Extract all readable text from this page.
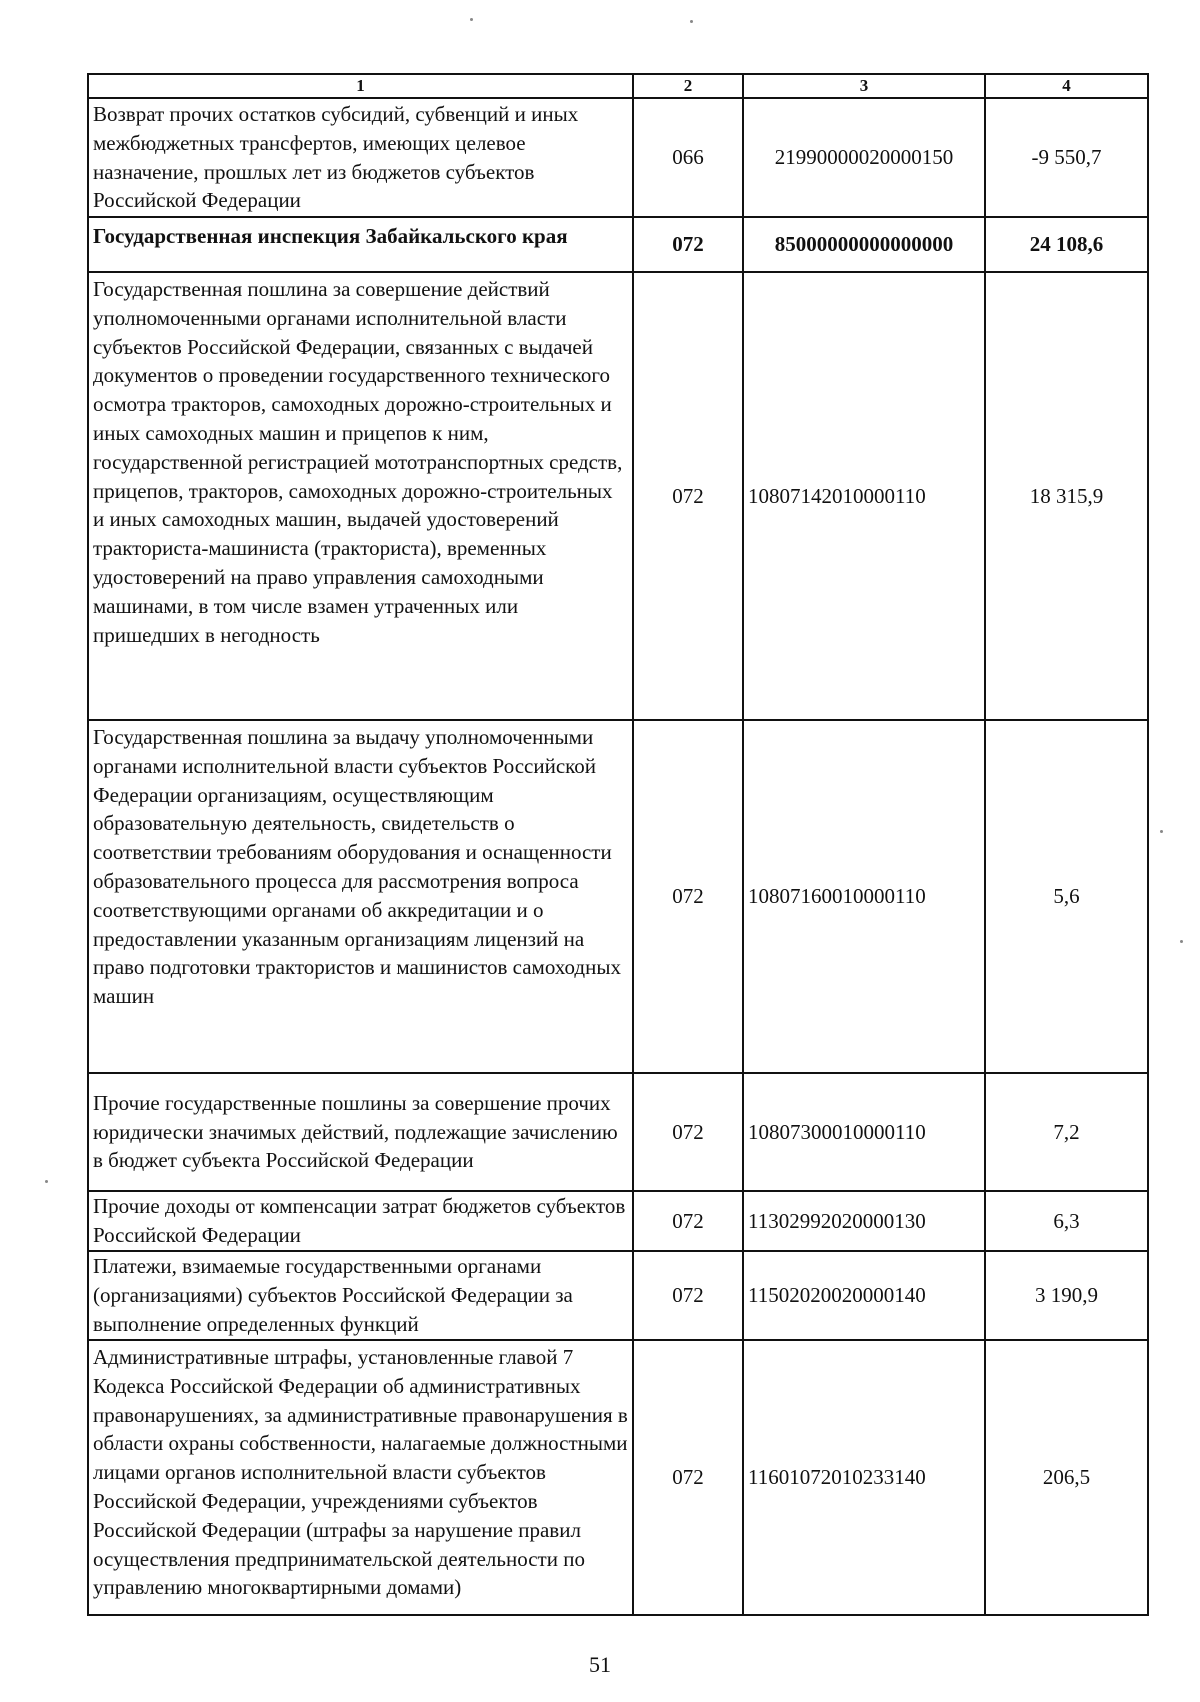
1	2	3	4
Возврат прочих остатков субсидий, субвенций и иных межбюджетных трансфертов, имеющих целевое назначение, прошлых лет из бюджетов субъектов Российской Федерации	066	21990000020000150	-9 550,7
Государственная инспекция Забайкальского края	072	85000000000000000	24 108,6
Государственная пошлина за совершение действий уполномоченными органами исполнительной власти субъектов Российской Федерации, связанных с выдачей документов о проведении государственного технического осмотра тракторов, самоходных дорожно-строительных и иных самоходных машин и прицепов к ним, государственной регистрацией мототранспортных средств, прицепов, тракторов, самоходных дорожно-строительных и иных самоходных машин, выдачей удостоверений тракториста-машиниста (тракториста), временных удостоверений на право управления самоходными машинами, в том числе взамен утраченных или пришедших в негодность	072	10807142010000110	18 315,9
Государственная пошлина за выдачу уполномоченными органами исполнительной власти субъектов Российской Федерации организациям, осуществляющим образовательную деятельность, свидетельств о соответствии требованиям оборудования и оснащенности образовательного процесса для рассмотрения вопроса соответствующими органами об аккредитации и о предоставлении указанным организациям лицензий на право подготовки трактористов и машинистов самоходных машин	072	10807160010000110	5,6
Прочие государственные пошлины за совершение прочих юридически значимых действий, подлежащие зачислению в бюджет субъекта Российской Федерации	072	10807300010000110	7,2
Прочие доходы от компенсации затрат бюджетов субъектов Российской Федерации	072	11302992020000130	6,3
Платежи, взимаемые государственными органами (организациями) субъектов Российской Федерации за выполнение определенных функций	072	11502020020000140	3 190,9
Административные штрафы, установленные главой 7 Кодекса Российской Федерации об административных правонарушениях, за административные правонарушения в области охраны собственности, налагаемые должностными лицами органов исполнительной власти субъектов Российской Федерации, учреждениями субъектов Российской Федерации (штрафы за нарушение правил осуществления предпринимательской деятельности по управлению многоквартирными домами)	072	11601072010233140	206,5
51
